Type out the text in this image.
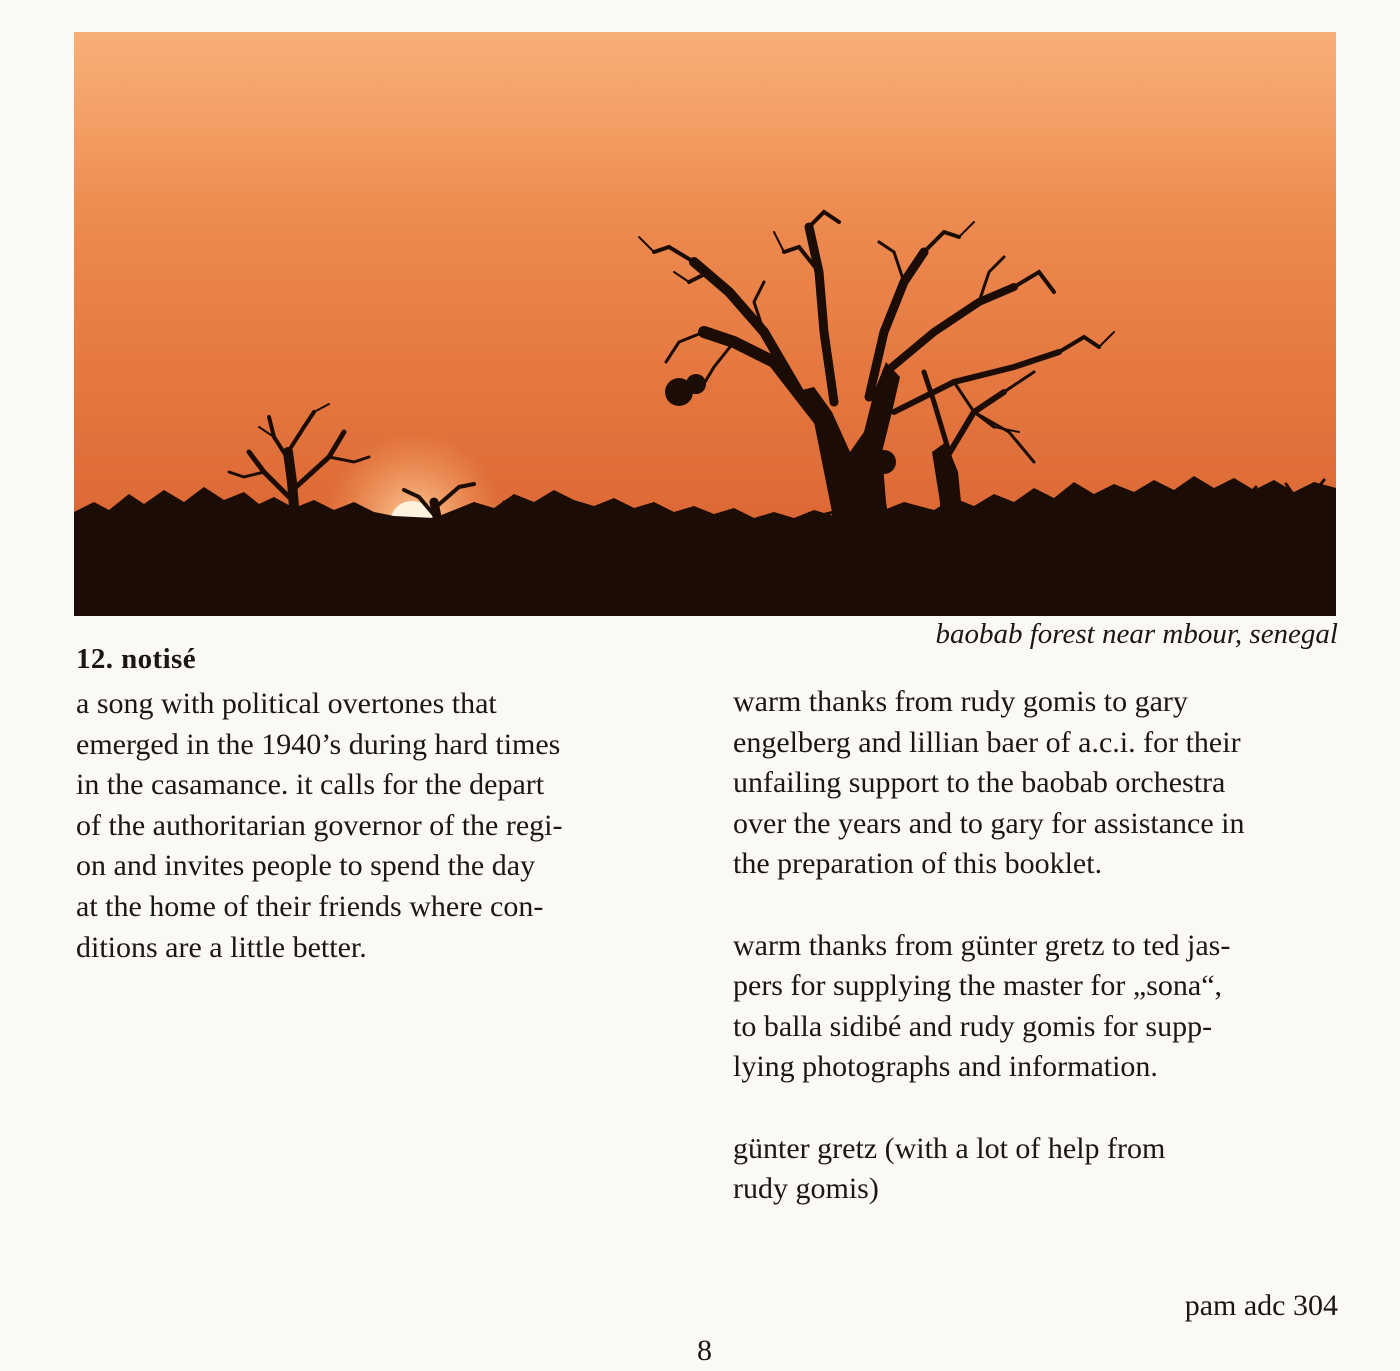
baobab forest near mbour, senegal
12. notisé
a song with political overtones that
emerged in the 1940’s during hard times
in the casamance. it calls for the depart
of the authoritarian governor of the regi-
on and invites people to spend the day
at the home of their friends where con-
ditions are a little better.
warm thanks from rudy gomis to gary
engelberg and lillian baer of a.c.i. for their
unfailing support to the baobab orchestra
over the years and to gary for assistance in
the preparation of this booklet.
warm thanks from günter gretz to ted jas-
pers for supplying the master for „sona“,
to balla sidibé and rudy gomis for supp-
lying photographs and information.
günter gretz (with a lot of help from
rudy gomis)
pam adc 304
8
